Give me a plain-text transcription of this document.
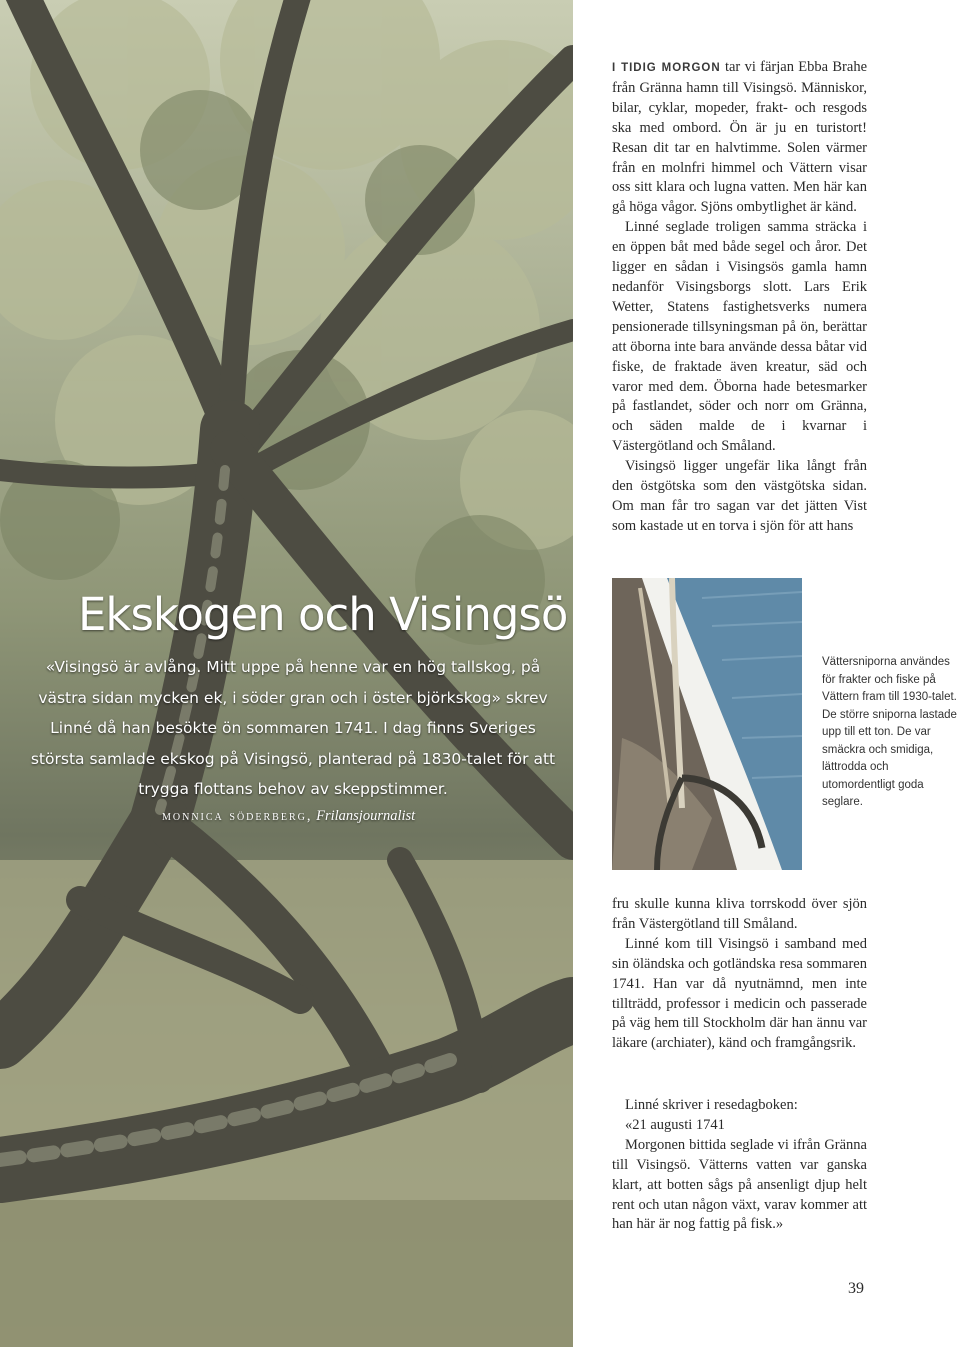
Ekskogen och Visingsö

«Visingsö är avlång. Mitt uppe på henne var en hög tallskog, på västra sidan mycken ek, i söder gran och i öster björkskog» skrev Linné då han besökte ön sommaren 1741. I dag finns Sveriges största samlade ekskog på Visingsö, planterad på 1830-talet för att trygga flottans behov av skeppstimmer.

monnica söderberg, Frilansjournalist

I TIDIG MORGON tar vi färjan Ebba Brahe från Gränna hamn till Visingsö. Människor, bilar, cyklar, mopeder, frakt- och resgods ska med ombord. Ön är ju en turistort! Resan dit tar en halvtimme. Solen värmer från en molnfri himmel och Vättern visar oss sitt klara och lugna vatten. Men här kan gå höga vågor. Sjöns ombytlighet är känd.

Linné seglade troligen samma sträcka i en öppen båt med både segel och åror. Det ligger en sådan i Visingsös gamla hamn nedanför Visingsborgs slott. Lars Erik Wetter, Statens fastighetsverks numera pensionerade tillsyningsman på ön, berättar att öborna inte bara använde dessa båtar vid fiske, de fraktade även kreatur, säd och varor med dem. Öborna hade betesmarker på fastlandet, söder och norr om Gränna, och säden malde de i kvarnar i Västergötland och Småland.

Visingsö ligger ungefär lika långt från den östgötska som den västgötska sidan. Om man får tro sagan var det jätten Vist som kastade ut en torva i sjön för att hans

Vättersniporna användes för frakter och fiske på Vättern fram till 1930-talet. De större sniporna lastade upp till ett ton. De var smäckra och smidiga, lättrodda och utomordentligt goda seglare.

fru skulle kunna kliva torrskodd över sjön från Västergötland till Småland.

Linné kom till Visingsö i samband med sin öländska och gotländska resa sommaren 1741. Han var då nyutnämnd, men inte tillträdd, professor i medicin och passerade på väg hem till Stockholm där han ännu var läkare (archiater), känd och framgångsrik.

Linné skriver i resedagboken:

«21 augusti 1741

Morgonen bittida seglade vi ifrån Gränna till Visingsö. Vätterns vatten var ganska klart, att botten sågs på ansenligt djup helt rent och utan någon växt, varav kommer att han här är nog fattig på fisk.»

39
